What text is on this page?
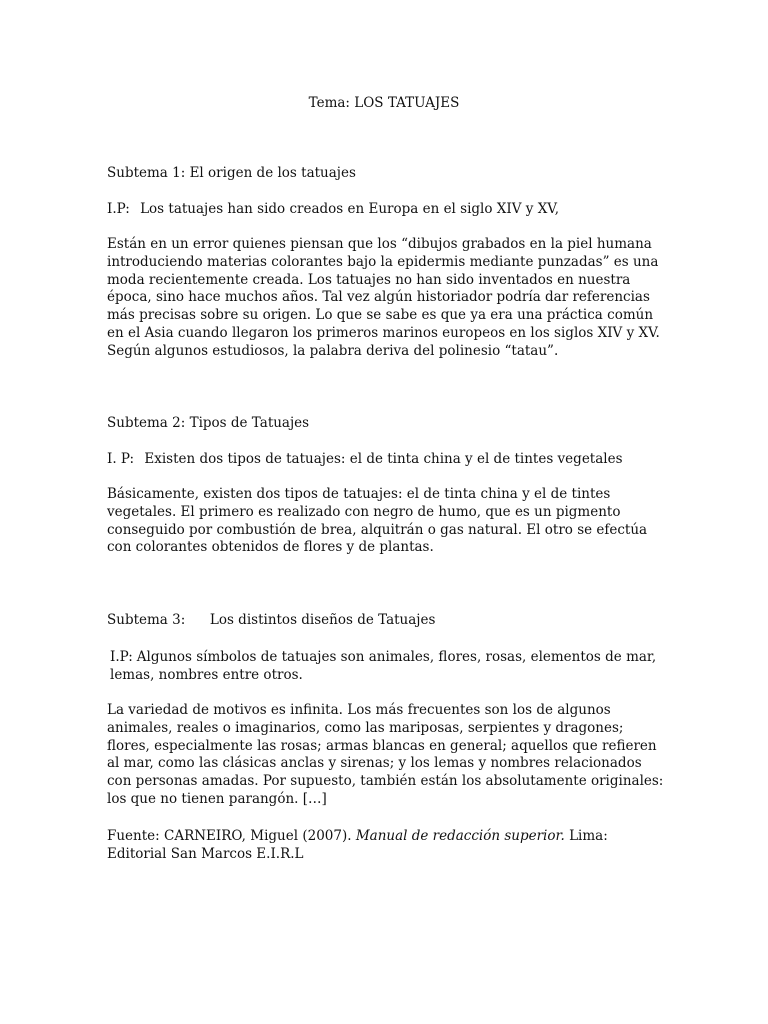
Tema: LOS TATUAJES
Subtema 1: El origen de los tatuajes
I.P: Los tatuajes han sido creados en Europa en el siglo XIV y XV,

Están en un error quienes piensan que los “dibujos grabados en la piel humana introduciendo materias colorantes bajo la epidermis mediante punzadas” es una moda recientemente creada. Los tatuajes no han sido inventados en nuestra época, sino hace muchos años. Tal vez algún historiador podría dar referencias más precisas sobre su origen. Lo que se sabe es que ya era una práctica común en el Asia cuando llegaron los primeros marinos europeos en los siglos XIV y XV. Según algunos estudiosos, la palabra deriva del polinesio “tatau”.

Subtema 2: Tipos de Tatuajes
I. P: Existen dos tipos de tatuajes: el de tinta china y el de tintes vegetales

Básicamente, existen dos tipos de tatuajes: el de tinta china y el de tintes vegetales. El primero es realizado con negro de humo, que es un pigmento conseguido por combustión de brea, alquitrán o gas natural. El otro se efectúa con colorantes obtenidos de flores y de plantas.

Subtema 3: Los distintos diseños de Tatuajes
I.P: Algunos símbolos de tatuajes son animales, flores, rosas, elementos de mar, lemas, nombres entre otros.

La variedad de motivos es infinita. Los más frecuentes son los de algunos animales, reales o imaginarios, como las mariposas, serpientes y dragones; flores, especialmente las rosas; armas blancas en general; aquellos que refieren al mar, como las clásicas anclas y sirenas; y los lemas y nombres relacionados con personas amadas. Por supuesto, también están los absolutamente originales: los que no tienen parangón. […]

Fuente: CARNEIRO, Miguel (2007). Manual de redacción superior. Lima: Editorial San Marcos E.I.R.L
